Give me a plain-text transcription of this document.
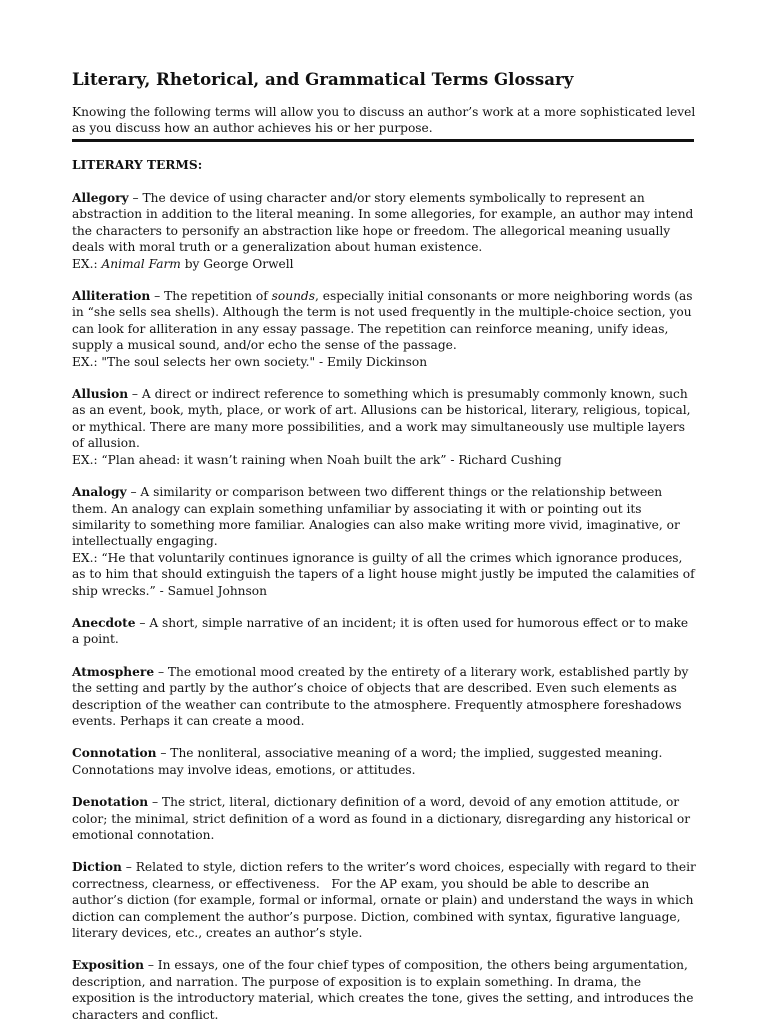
Literary, Rhetorical, and Grammatical Terms Glossary

Knowing the following terms will allow you to discuss an author’s work at a more sophisticated level as you discuss how an author achieves his or her purpose.

LITERARY TERMS:

Allegory – The device of using character and/or story elements symbolically to represent an abstraction in addition to the literal meaning. In some allegories, for example, an author may intend the characters to personify an abstraction like hope or freedom. The allegorical meaning usually deals with moral truth or a generalization about human existence.

EX.: Animal Farm by George Orwell

Alliteration – The repetition of sounds, especially initial consonants or more neighboring words (as in “she sells sea shells). Although the term is not used frequently in the multiple-choice section, you can look for alliteration in any essay passage. The repetition can reinforce meaning, unify ideas, supply a musical sound, and/or echo the sense of the passage.

EX.: "The soul selects her own society." - Emily Dickinson

Allusion – A direct or indirect reference to something which is presumably commonly known, such as an event, book, myth, place, or work of art. Allusions can be historical, literary, religious, topical, or mythical. There are many more possibilities, and a work may simultaneously use multiple layers of allusion.

EX.: “Plan ahead: it wasn’t raining when Noah built the ark” - Richard Cushing

Analogy – A similarity or comparison between two different things or the relationship between them. An analogy can explain something unfamiliar by associating it with or pointing out its similarity to something more familiar. Analogies can also make writing more vivid, imaginative, or intellectually engaging.

EX.: “He that voluntarily continues ignorance is guilty of all the crimes which ignorance produces, as to him that should extinguish the tapers of a light house might justly be imputed the calamities of ship wrecks.” - Samuel Johnson

Anecdote – A short, simple narrative of an incident; it is often used for humorous effect or to make a point.

Atmosphere – The emotional mood created by the entirety of a literary work, established partly by the setting and partly by the author’s choice of objects that are described. Even such elements as description of the weather can contribute to the atmosphere. Frequently atmosphere foreshadows events. Perhaps it can create a mood.

Connotation – The nonliteral, associative meaning of a word; the implied, suggested meaning. Connotations may involve ideas, emotions, or attitudes.

Denotation – The strict, literal, dictionary definition of a word, devoid of any emotion attitude, or color; the minimal, strict definition of a word as found in a dictionary, disregarding any historical or emotional connotation.

Diction – Related to style, diction refers to the writer’s word choices, especially with regard to their correctness, clearness, or effectiveness.   For the AP exam, you should be able to describe an author’s diction (for example, formal or informal, ornate or plain) and understand the ways in which diction can complement the author’s purpose. Diction, combined with syntax, figurative language, literary devices, etc., creates an author’s style.

Exposition – In essays, one of the four chief types of composition, the others being argumentation, description, and narration. The purpose of exposition is to explain something. In drama, the exposition is the introductory material, which creates the tone, gives the setting, and introduces the characters and conflict.
